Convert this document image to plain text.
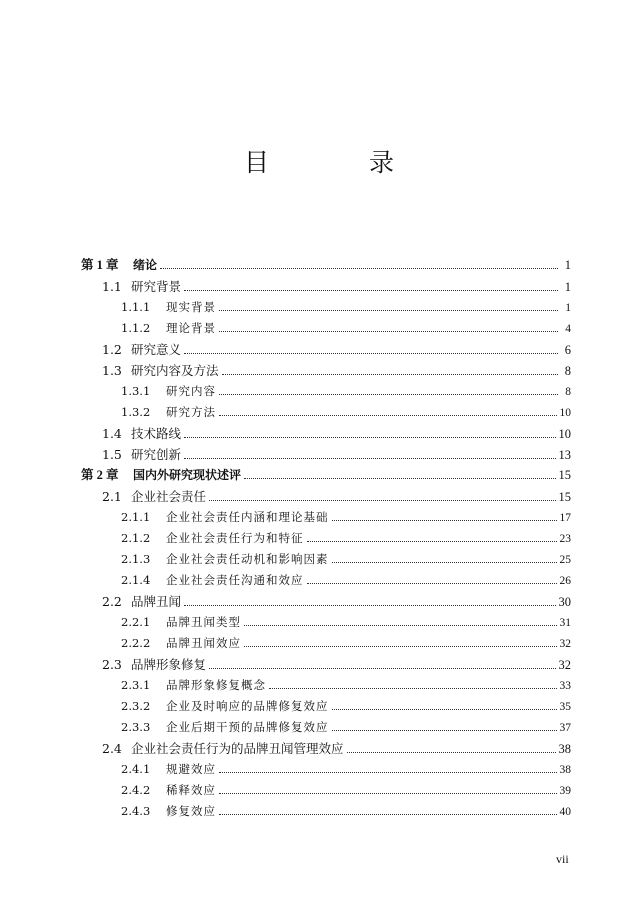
目 录
第 1 章	绪论	1
1.1 研究背景	1
1.1.1	现实背景	1
1.1.2	理论背景	4
1.2 研究意义	6
1.3 研究内容及方法	8
1.3.1	研究内容	8
1.3.2	研究方法	10
1.4 技术路线	10
1.5 研究创新	13
第 2 章	国内外研究现状述评	15
2.1 企业社会责任	15
2.1.1	企业社会责任内涵和理论基础	17
2.1.2	企业社会责任行为和特征	23
2.1.3	企业社会责任动机和影响因素	25
2.1.4	企业社会责任沟通和效应	26
2.2 品牌丑闻	30
2.2.1	品牌丑闻类型	31
2.2.2	品牌丑闻效应	32
2.3 品牌形象修复	32
2.3.1	品牌形象修复概念	33
2.3.2	企业及时响应的品牌修复效应	35
2.3.3	企业后期干预的品牌修复效应	37
2.4 企业社会责任行为的品牌丑闻管理效应	38
2.4.1	规避效应	38
2.4.2	稀释效应	39
2.4.3	修复效应	40
vii
